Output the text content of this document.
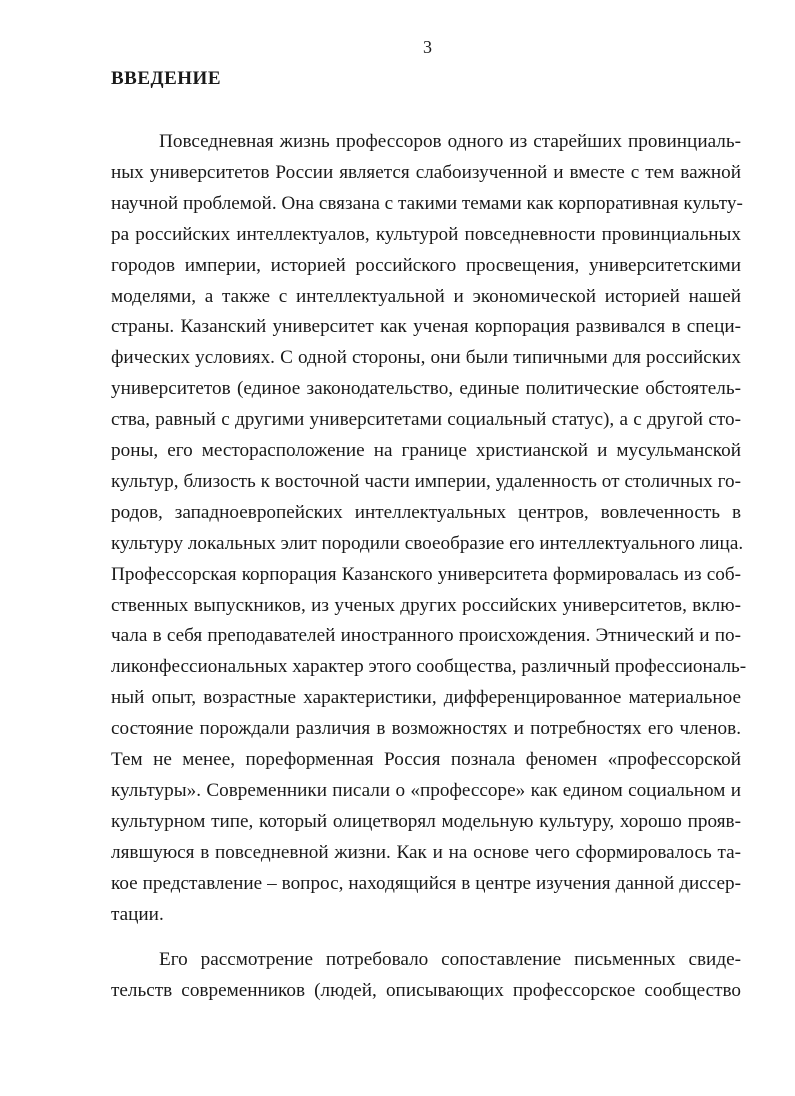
3
ВВЕДЕНИЕ
Повседневная жизнь профессоров одного из старейших провинциаль-
ных университетов России является слабоизученной и вместе с тем важной
научной проблемой. Она связана с такими темами как корпоративная культу-
ра российских интеллектуалов, культурой повседневности провинциальных
городов империи, историей российского просвещения, университетскими
моделями, а также с интеллектуальной и экономической историей нашей
страны. Казанский университет как ученая корпорация развивался в специ-
фических условиях. С одной стороны, они были типичными для российских
университетов (единое законодательство, единые политические обстоятель-
ства, равный с другими университетами социальный статус), а с другой сто-
роны, его месторасположение на границе христианской и мусульманской
культур, близость к восточной части империи, удаленность от столичных го-
родов, западноевропейских интеллектуальных центров, вовлеченность в
культуру локальных элит породили своеобразие его интеллектуального лица.
Профессорская корпорация Казанского университета формировалась из соб-
ственных выпускников, из ученых других российских университетов, вклю-
чала в себя преподавателей иностранного происхождения. Этнический и по-
ликонфессиональных характер этого сообщества, различный профессиональ-
ный опыт, возрастные характеристики, дифференцированное материальное
состояние порождали различия в возможностях и потребностях его членов.
Тем не менее, пореформенная Россия познала феномен «профессорской
культуры». Современники писали о «профессоре» как едином социальном и
культурном типе, который олицетворял модельную культуру, хорошо прояв-
лявшуюся в повседневной жизни. Как и на основе чего сформировалось та-
кое представление – вопрос, находящийся в центре изучения данной диссер-
тации.
Его рассмотрение потребовало сопоставление письменных свиде-
тельств современников (людей, описывающих профессорское сообщество
